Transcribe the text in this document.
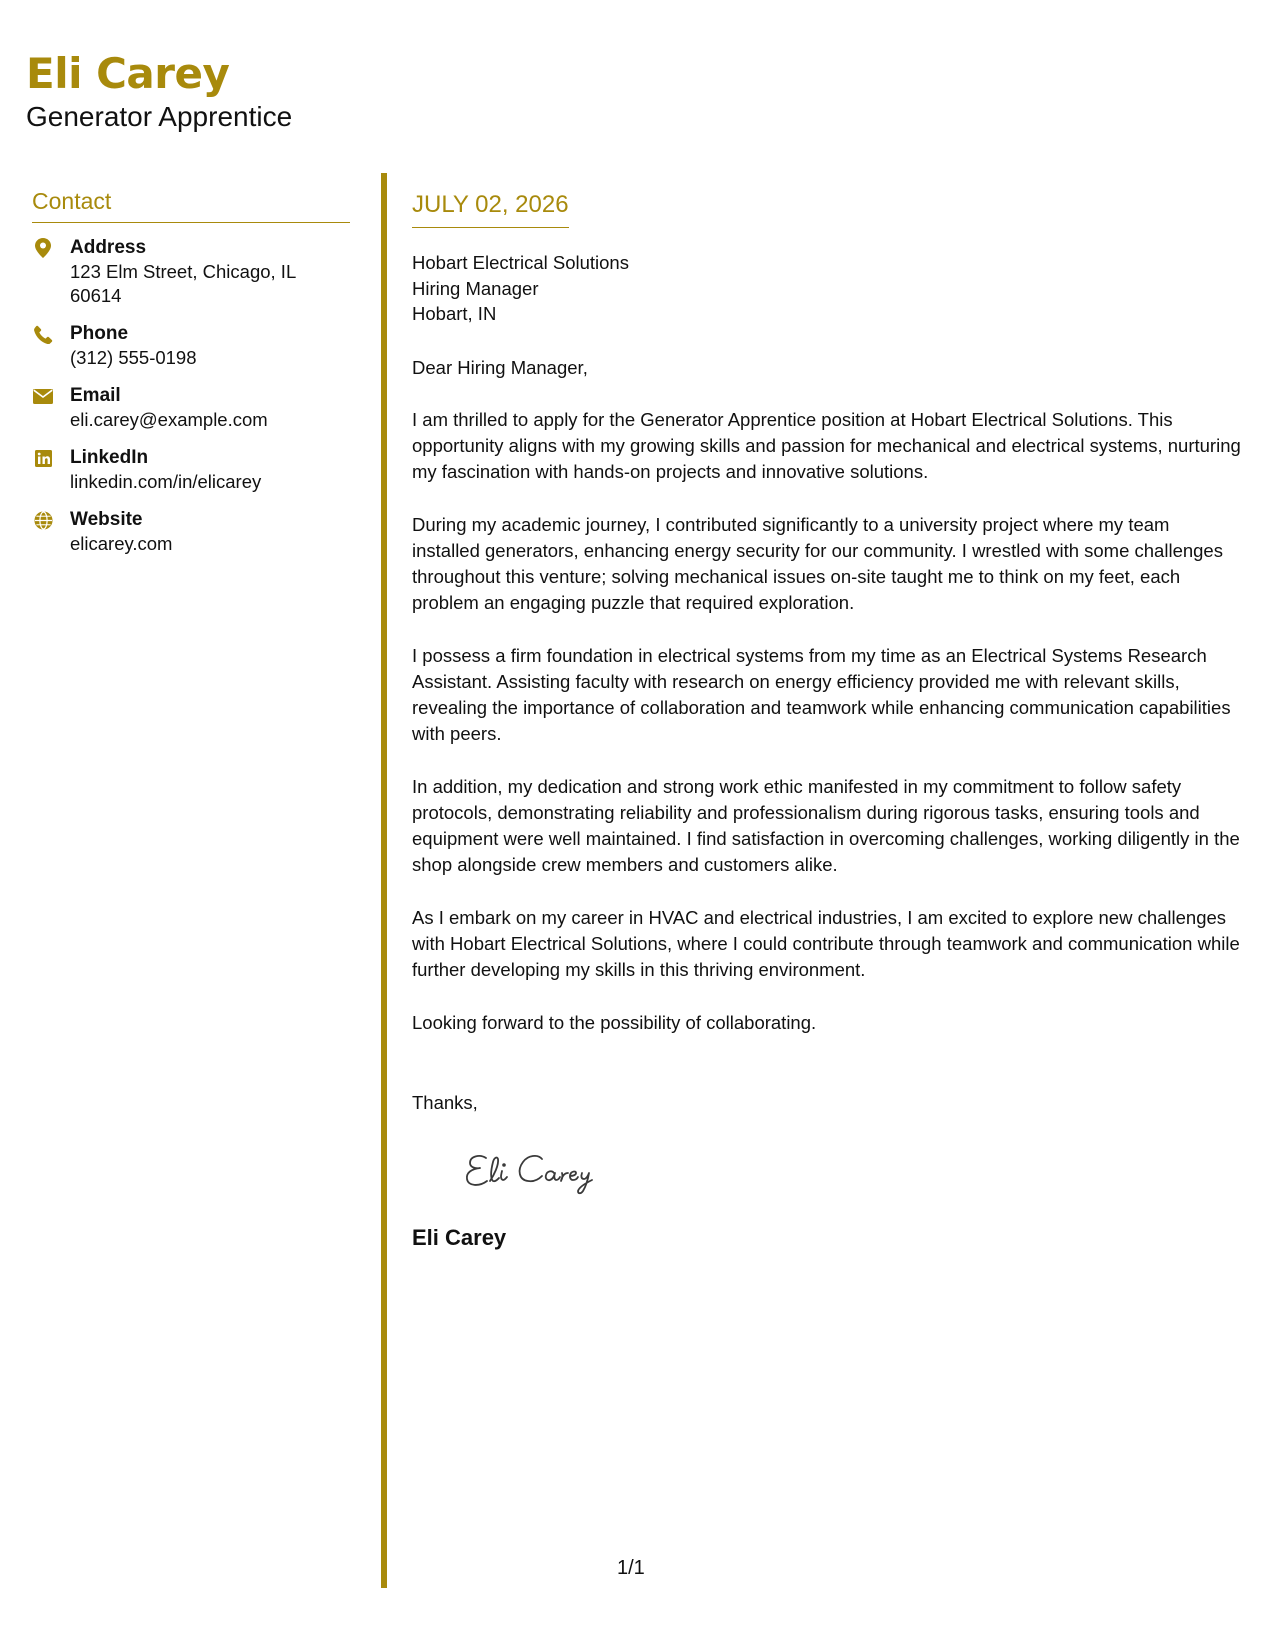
Eli Carey
Generator Apprentice
Contact
Address
123 Elm Street, Chicago, IL 60614
Phone
(312) 555-0198
Email
eli.carey@example.com
LinkedIn
linkedin.com/in/elicarey
Website
elicarey.com
JULY 02, 2026
Hobart Electrical Solutions
Hiring Manager
Hobart, IN
Dear Hiring Manager,
I am thrilled to apply for the Generator Apprentice position at Hobart Electrical Solutions. This opportunity aligns with my growing skills and passion for mechanical and electrical systems, nurturing my fascination with hands-on projects and innovative solutions.
During my academic journey, I contributed significantly to a university project where my team installed generators, enhancing energy security for our community. I wrestled with some challenges throughout this venture; solving mechanical issues on-site taught me to think on my feet, each problem an engaging puzzle that required exploration.
I possess a firm foundation in electrical systems from my time as an Electrical Systems Research Assistant. Assisting faculty with research on energy efficiency provided me with relevant skills, revealing the importance of collaboration and teamwork while enhancing communication capabilities with peers.
In addition, my dedication and strong work ethic manifested in my commitment to follow safety protocols, demonstrating reliability and professionalism during rigorous tasks, ensuring tools and equipment were well maintained. I find satisfaction in overcoming challenges, working diligently in the shop alongside crew members and customers alike.
As I embark on my career in HVAC and electrical industries, I am excited to explore new challenges with Hobart Electrical Solutions, where I could contribute through teamwork and communication while further developing my skills in this thriving environment.
Looking forward to the possibility of collaborating.
Thanks,
Eli Carey
1/1
